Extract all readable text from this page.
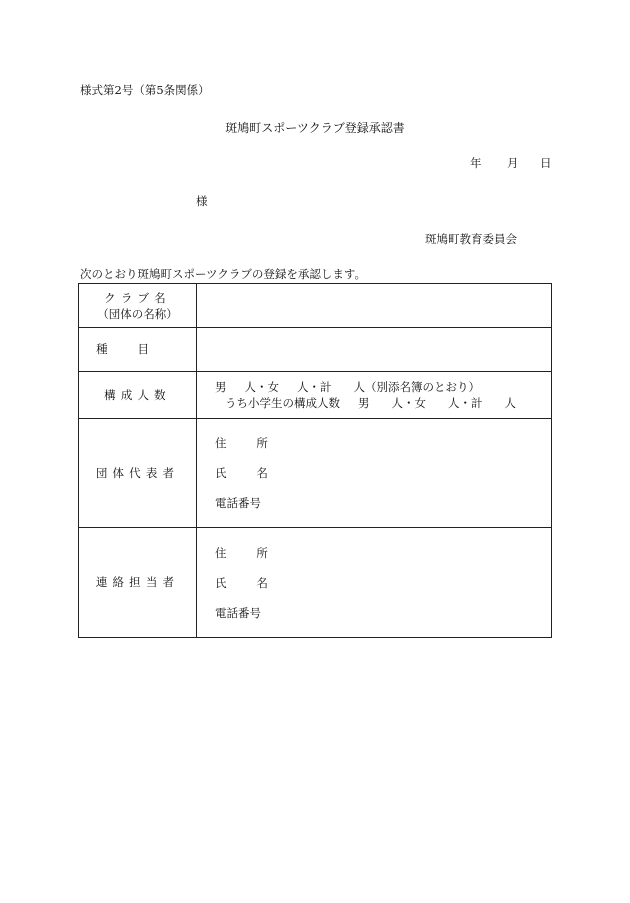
様式第2号（第5条関係）
斑鳩町スポーツクラブ登録承認書
年 月 日
様
斑鳩町教育委員会
次のとおり斑鳩町スポーツクラブの登録を承認します。
クラブ名
（団体の名称）	

種目	
構成人数	男 人・女 人・計 人（別添名簿のとおり）
うち小学生の構成人数 男 人・女 人・計 人

団体代表者	住所
氏名
電話番号

連絡担当者	住所
氏名
電話番号
